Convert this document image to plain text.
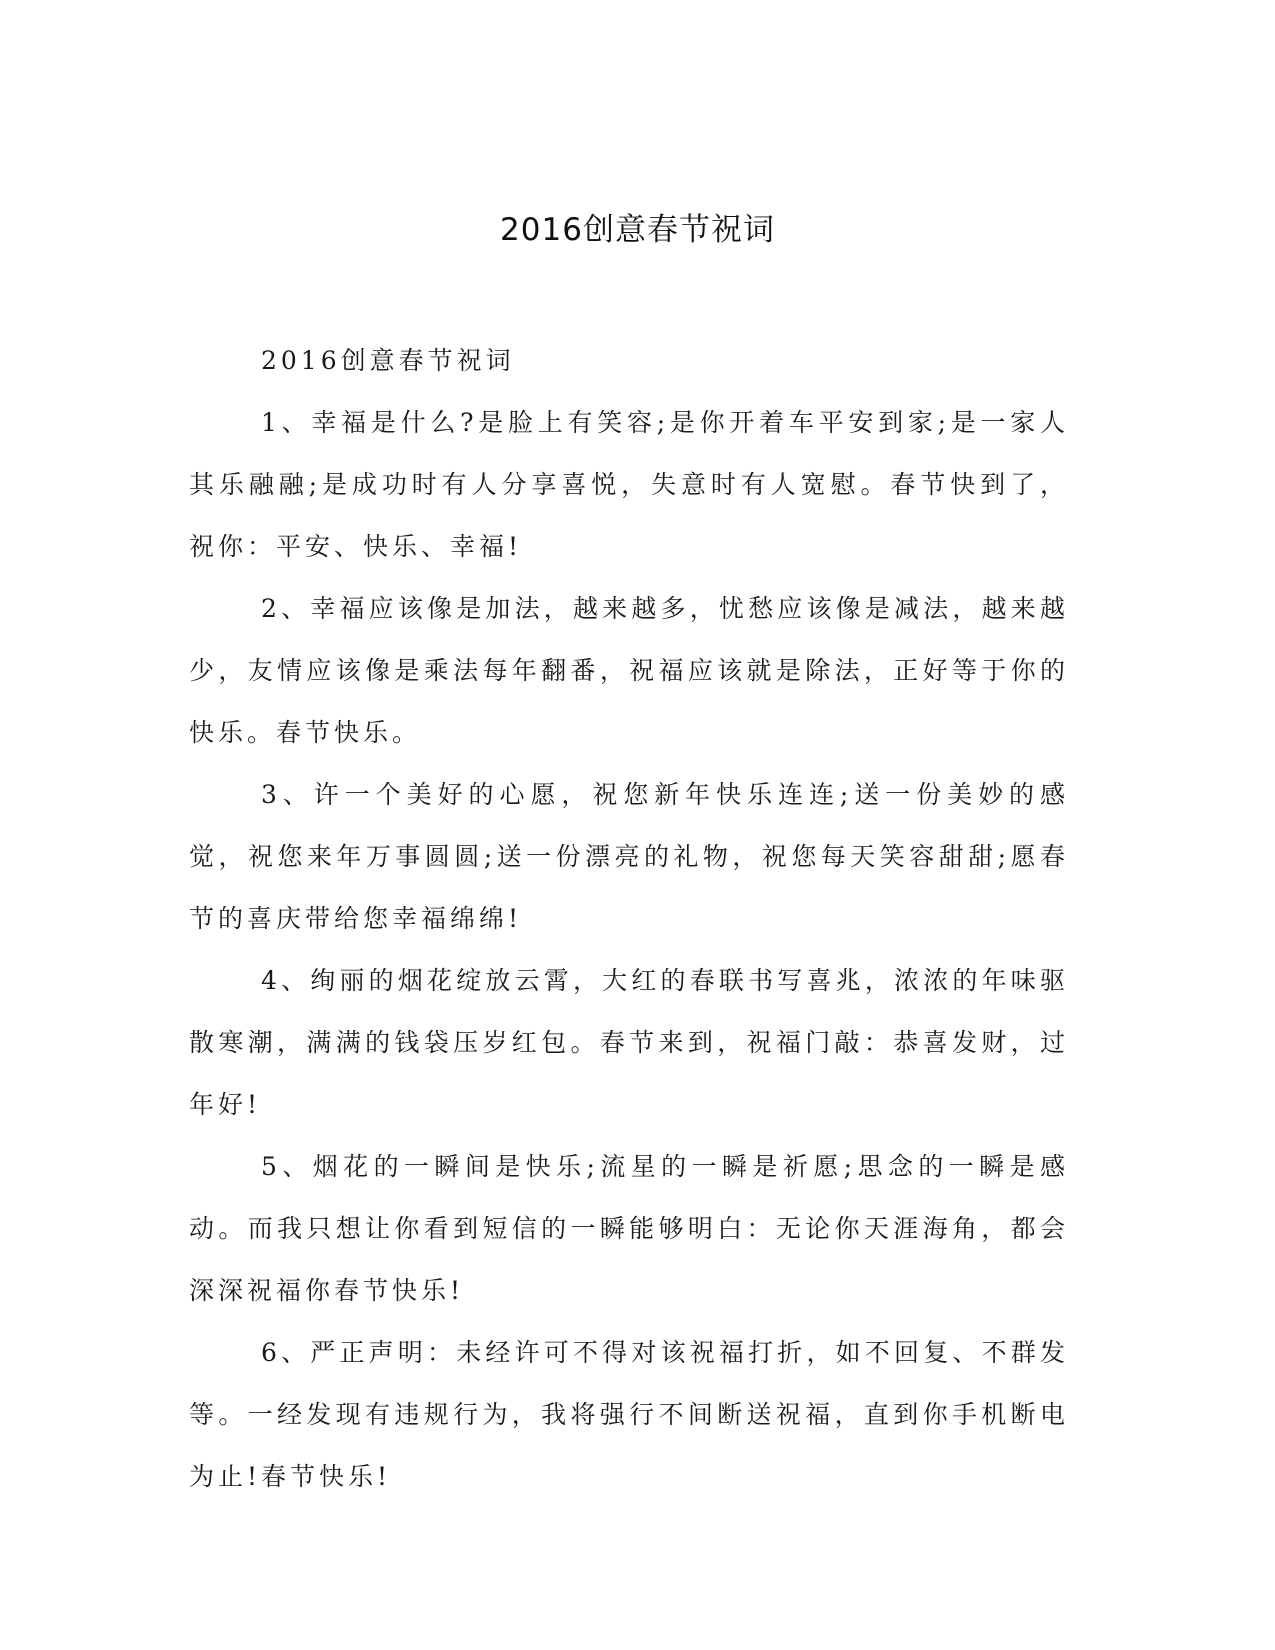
2016创意春节祝词

2016创意春节祝词

1、幸福是什么?是脸上有笑容;是你开着车平安到家;是一家人其乐融融;是成功时有人分享喜悦，失意时有人宽慰。春节快到了，祝你：平安、快乐、幸福!

2、幸福应该像是加法，越来越多，忧愁应该像是减法，越来越少，友情应该像是乘法每年翻番，祝福应该就是除法，正好等于你的快乐。春节快乐。

3、许一个美好的心愿，祝您新年快乐连连;送一份美妙的感觉，祝您来年万事圆圆;送一份漂亮的礼物，祝您每天笑容甜甜;愿春节的喜庆带给您幸福绵绵!

4、绚丽的烟花绽放云霄，大红的春联书写喜兆，浓浓的年味驱散寒潮，满满的钱袋压岁红包。春节来到，祝福门敲：恭喜发财，过年好!

5、烟花的一瞬间是快乐;流星的一瞬是祈愿;思念的一瞬是感动。而我只想让你看到短信的一瞬能够明白：无论你天涯海角，都会深深祝福你春节快乐!

6、严正声明：未经许可不得对该祝福打折，如不回复、不群发等。一经发现有违规行为，我将强行不间断送祝福，直到你手机断电为止!春节快乐!
